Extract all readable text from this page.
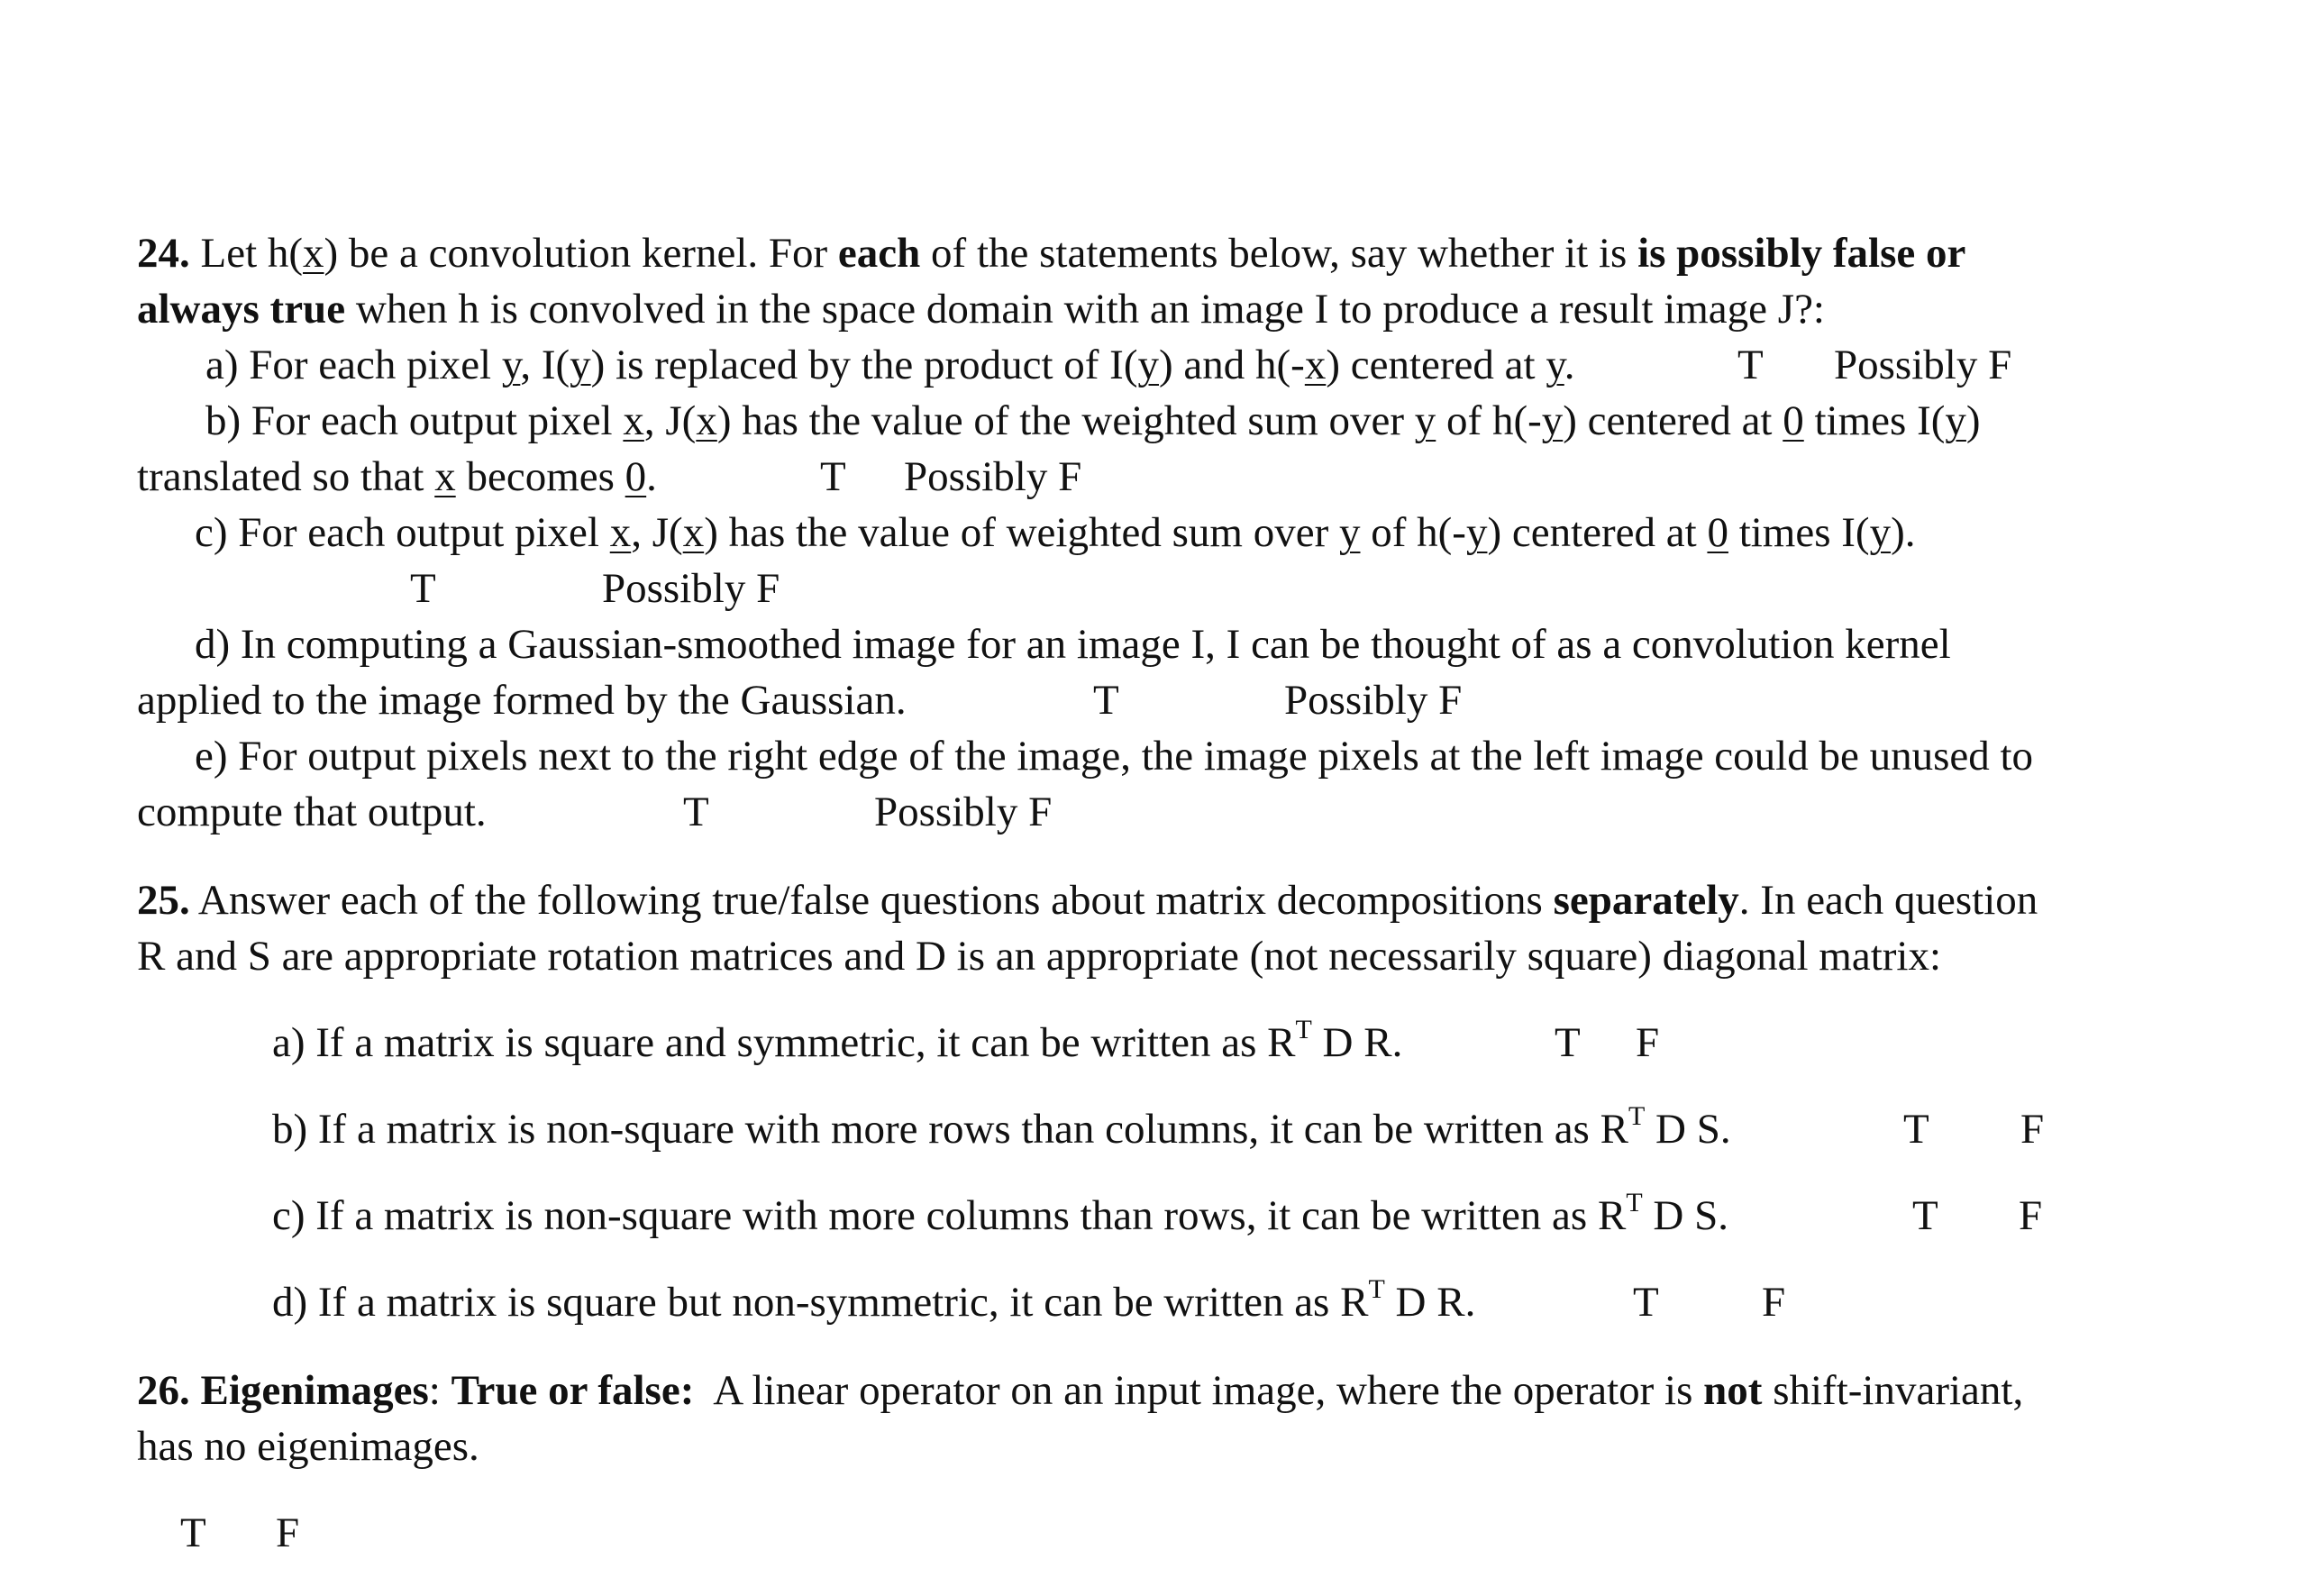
24. Let h(x) be a convolution kernel. For each of the statements below, say whether it is is possibly false or
always true when h is convolved in the space domain with an image I to produce a result image J?:
a) For each pixel y, I(y) is replaced by the product of I(y) and h(-x) centered at y.	T Possibly F
b) For each output pixel x, J(x) has the value of the weighted sum over y of h(-y) centered at 0 times I(y)
translated so that x becomes 0.	T Possibly F
c) For each output pixel x, J(x) has the value of weighted sum over y of h(-y) centered at 0 times I(y).
T	Possibly F
d) In computing a Gaussian-smoothed image for an image I, I can be thought of as a convolution kernel
applied to the image formed by the Gaussian.	T	Possibly F
e) For output pixels next to the right edge of the image, the image pixels at the left image could be unused to
compute that output.	T	Possibly F
25. Answer each of the following true/false questions about matrix decompositions separately. In each question
R and S are appropriate rotation matrices and D is an appropriate (not necessarily square) diagonal matrix:
a) If a matrix is square and symmetric, it can be written as $R^T$ D R.	T F
b) If a matrix is non-square with more rows than columns, it can be written as $R^T$ D S.	T F
c) If a matrix is non-square with more columns than rows, it can be written as $R^T$ D S.	T F
d) If a matrix is square but non-symmetric, it can be written as $R^T$ D R.	T F
26. Eigenimages: True or false:  A linear operator on an input image, where the operator is not shift-invariant,
has no eigenimages.
T F
